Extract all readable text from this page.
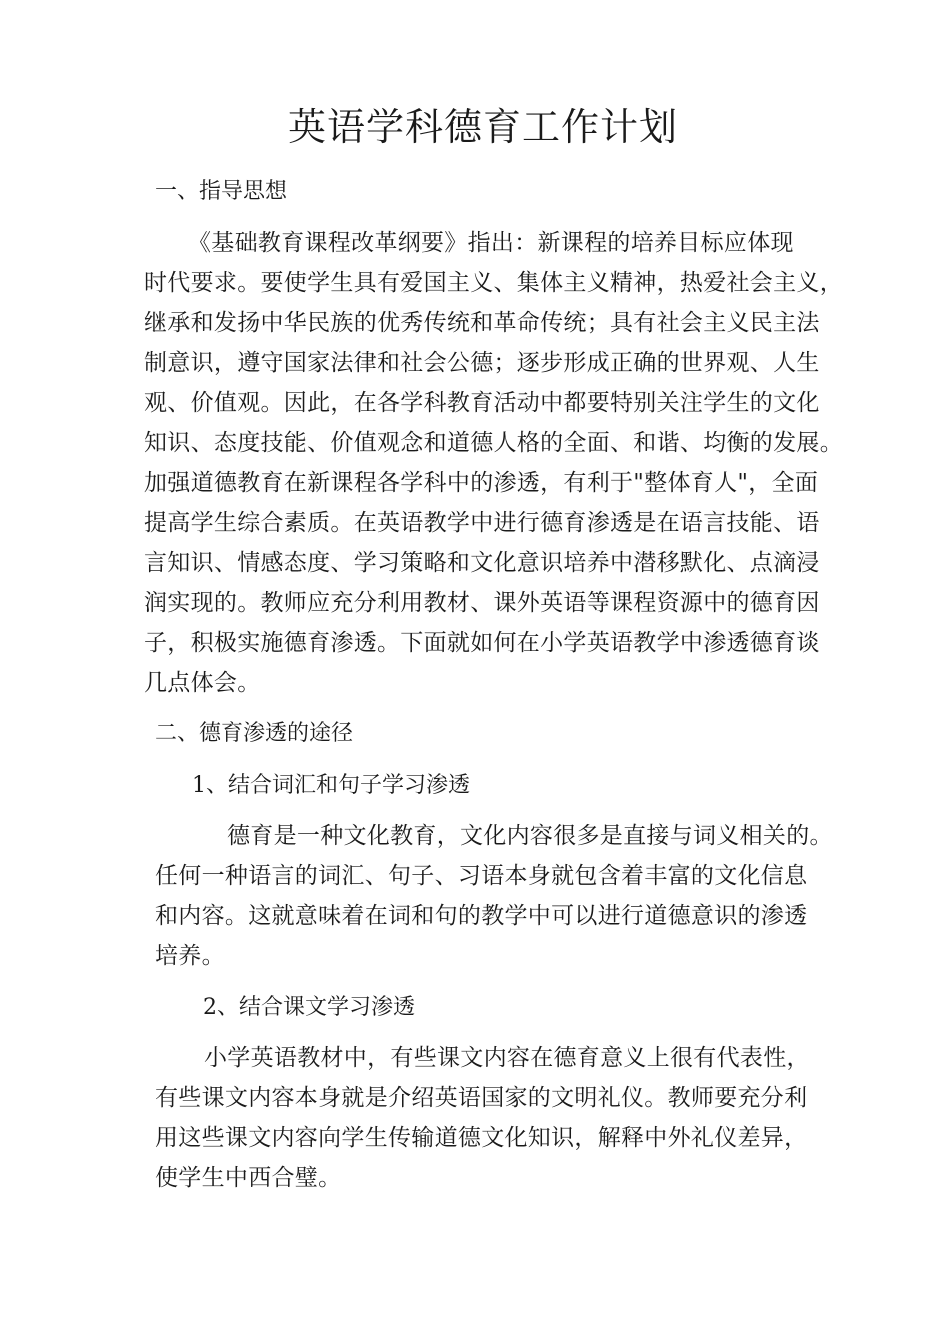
英语学科德育工作计划
一、指导思想
《基础教育课程改革纲要》指出：新课程的培养目标应体现
时代要求。要使学生具有爱国主义、集体主义精神，热爱社会主义，
继承和发扬中华民族的优秀传统和革命传统；具有社会主义民主法
制意识，遵守国家法律和社会公德；逐步形成正确的世界观、人生
观、价值观。因此，在各学科教育活动中都要特别关注学生的文化
知识、态度技能、价值观念和道德人格的全面、和谐、均衡的发展。
加强道德教育在新课程各学科中的渗透，有利于"整体育人"，全面
提高学生综合素质。在英语教学中进行德育渗透是在语言技能、语
言知识、情感态度、学习策略和文化意识培养中潜移默化、点滴浸
润实现的。教师应充分利用教材、课外英语等课程资源中的德育因
子，积极实施德育渗透。下面就如何在小学英语教学中渗透德育谈
几点体会。
二、德育渗透的途径
1、结合词汇和句子学习渗透
德育是一种文化教育，文化内容很多是直接与词义相关的。
任何一种语言的词汇、句子、习语本身就包含着丰富的文化信息
和内容。这就意味着在词和句的教学中可以进行道德意识的渗透
培养。
2、结合课文学习渗透
小学英语教材中，有些课文内容在德育意义上很有代表性，
有些课文内容本身就是介绍英语国家的文明礼仪。教师要充分利
用这些课文内容向学生传输道德文化知识，解释中外礼仪差异，
使学生中西合璧。
